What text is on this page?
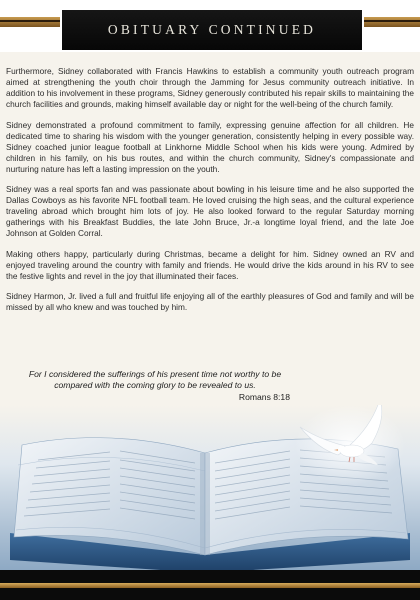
OBITUARY CONTINUED

Furthermore, Sidney collaborated with Francis Hawkins to establish a community youth outreach program aimed at strengthening the youth choir through the Jamming for Jesus community outreach initiative. In addition to his involvement in these programs, Sidney generously contributed his repair skills to maintaining the church facilities and grounds, making himself available day or night for the well-being of the church family.

Sidney demonstrated a profound commitment to family, expressing genuine affection for all children. He dedicated time to sharing his wisdom with the younger generation, consistently helping in every possible way. Sidney coached junior league football at Linkhorne Middle School when his kids were young. Admired by children in his family, on his bus routes, and within the church community, Sidney's compassionate and nurturing nature has left a lasting impression on the youth.

Sidney was a real sports fan and was passionate about bowling in his leisure time and he also supported the Dallas Cowboys as his favorite NFL football team. He loved cruising the high seas, and the cultural experience traveling abroad which brought him lots of joy. He also looked forward to the regular Saturday morning gatherings with his Breakfast Buddies, the late John Bruce, Jr.-a longtime loyal friend, and the late Joe Johnson at Golden Corral.

Making others happy, particularly during Christmas, became a delight for him. Sidney owned an RV and enjoyed traveling around the country with family and friends. He would drive the kids around in his RV to see the festive lights and revel in the joy that illuminated their faces.

Sidney Harmon, Jr. lived a full and fruitful life enjoying all of the earthly pleasures of God and family and will be missed by all who knew and was touched by him.

For I considered the sufferings of his present time not worthy to be compared with the coming glory to be revealed to us.
Romans 8:18
